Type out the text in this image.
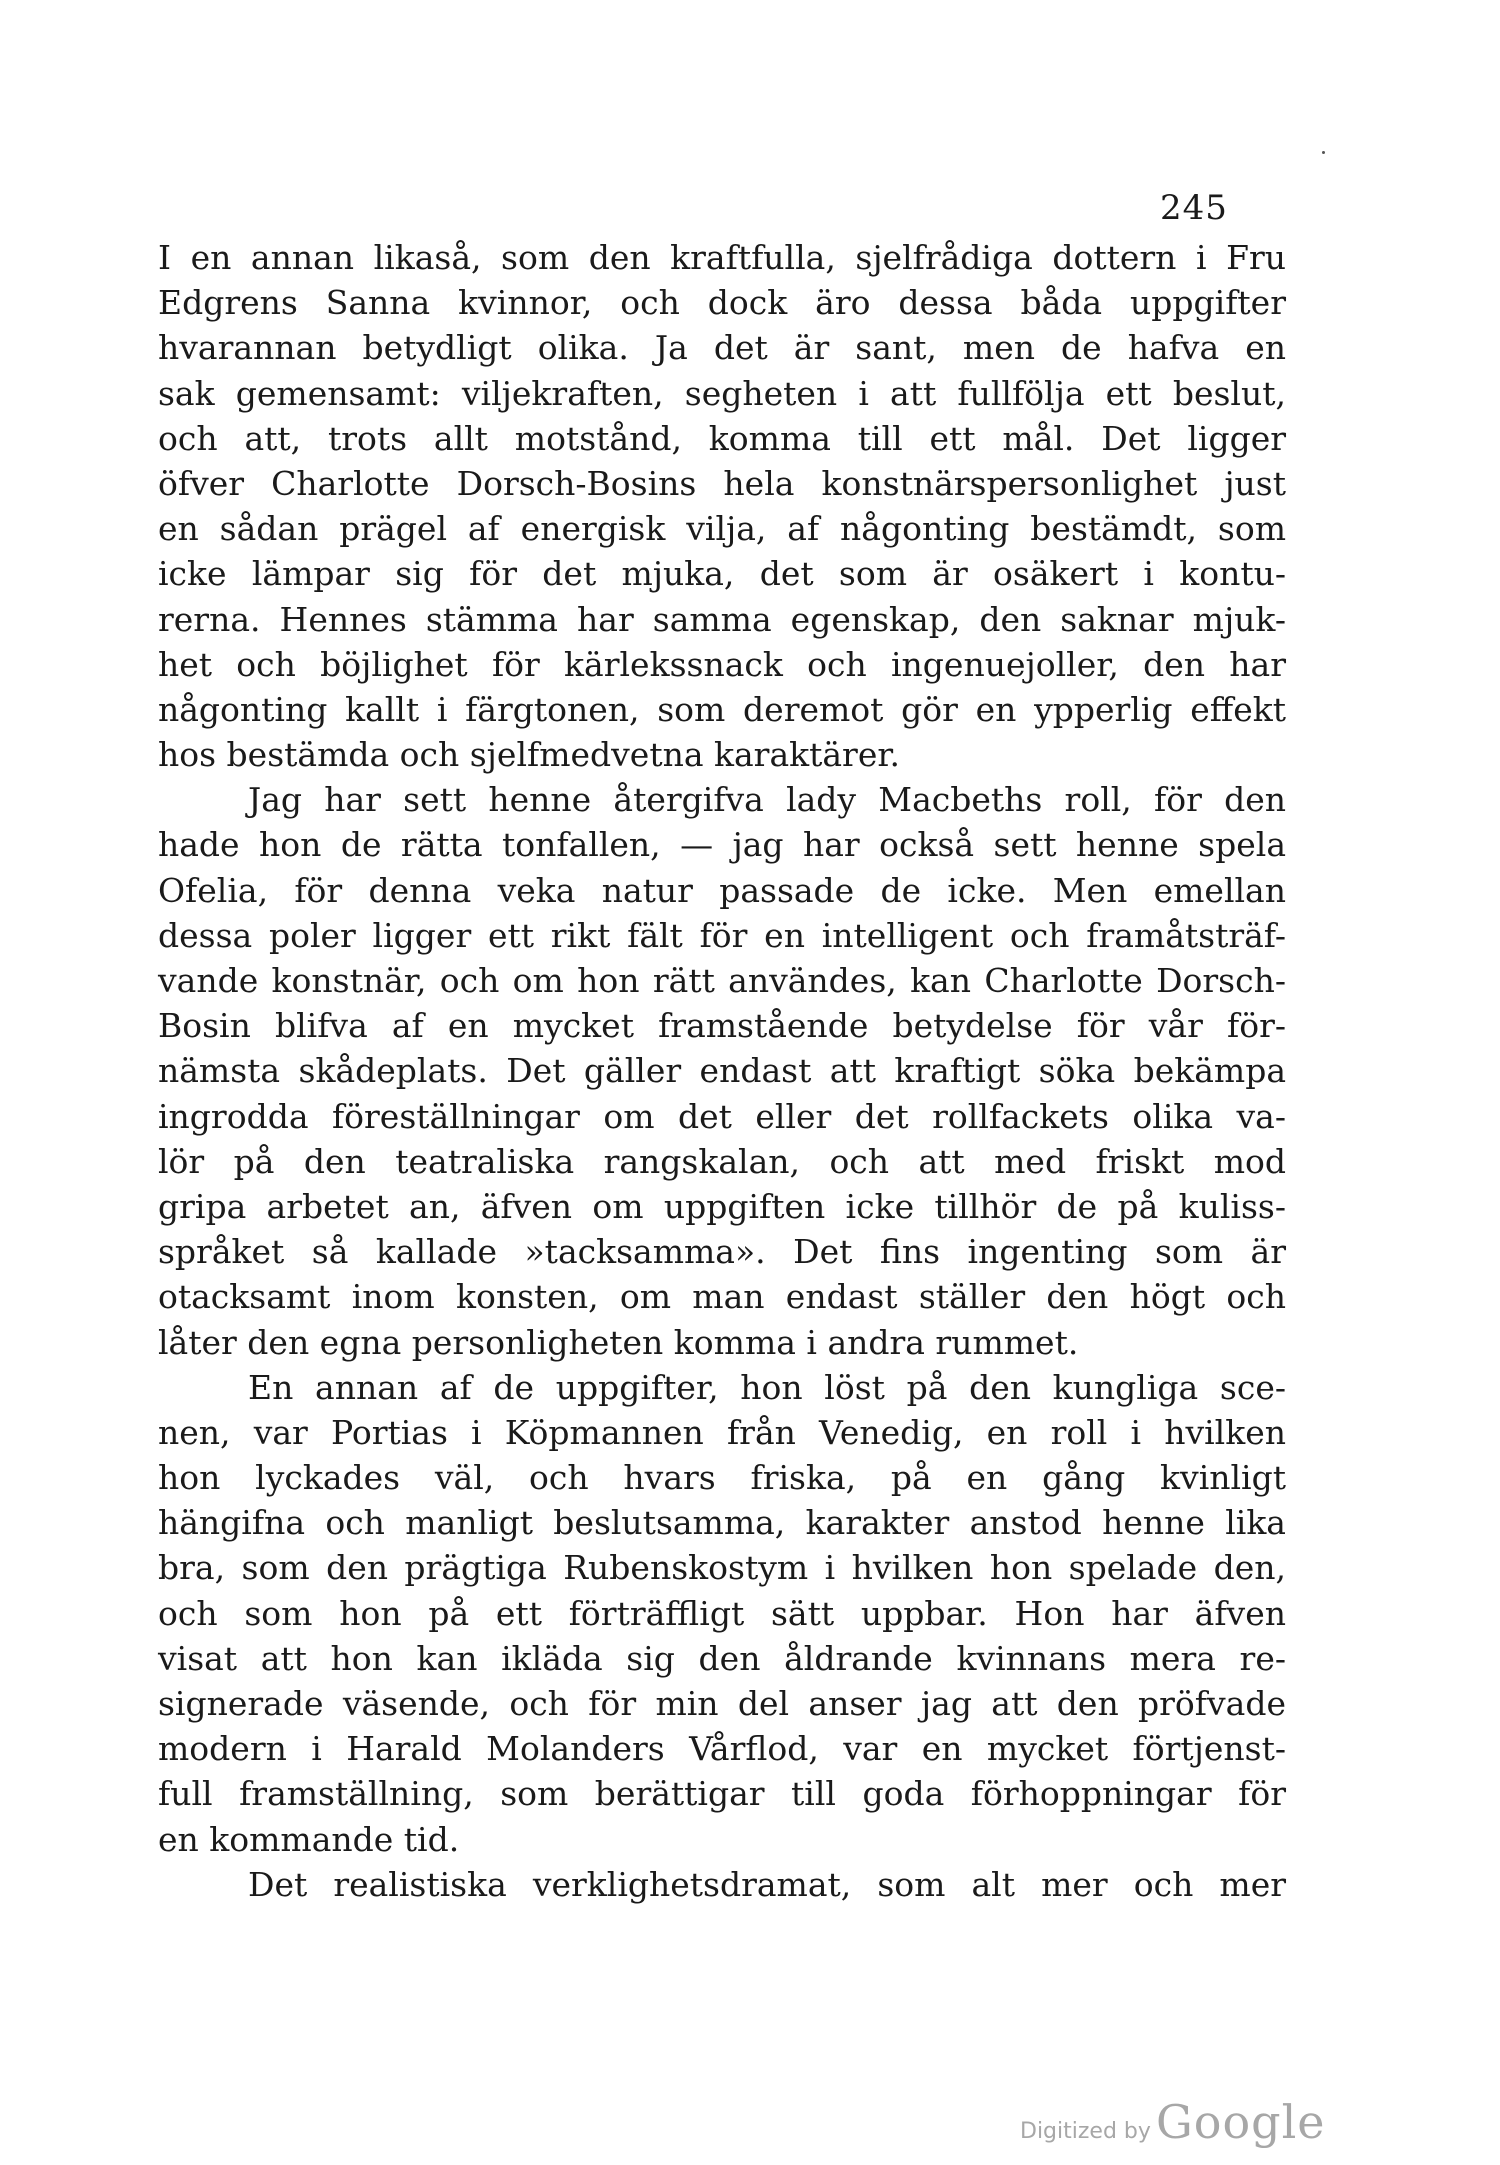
245
I en annan likaså, som den kraftfulla, sjelfrådiga dottern i Fru
Edgrens Sanna kvinnor, och dock äro dessa båda uppgifter
hvarannan betydligt olika. Ja det är sant, men de hafva en
sak gemensamt: viljekraften, segheten i att fullfölja ett beslut,
och att, trots allt motstånd, komma till ett mål. Det ligger
öfver Charlotte Dorsch-Bosins hela konstnärspersonlighet just
en sådan prägel af energisk vilja, af någonting bestämdt, som
icke lämpar sig för det mjuka, det som är osäkert i kontu-
rerna. Hennes stämma har samma egenskap, den saknar mjuk-
het och böjlighet för kärlekssnack och ingenuejoller, den har
någonting kallt i färgtonen, som deremot gör en ypperlig effekt
hos bestämda och sjelfmedvetna karaktärer.
Jag har sett henne återgifva lady Macbeths roll, för den
hade hon de rätta tonfallen, — jag har också sett henne spela
Ofelia, för denna veka natur passade de icke. Men emellan
dessa poler ligger ett rikt fält för en intelligent och framåtsträf-
vande konstnär, och om hon rätt användes, kan Charlotte Dorsch-
Bosin blifva af en mycket framstående betydelse för vår för-
nämsta skådeplats. Det gäller endast att kraftigt söka bekämpa
ingrodda föreställningar om det eller det rollfackets olika va-
lör på den teatraliska rangskalan, och att med friskt mod
gripa arbetet an, äfven om uppgiften icke tillhör de på kuliss-
språket så kallade »tacksamma». Det fins ingenting som är
otacksamt inom konsten, om man endast ställer den högt och
låter den egna personligheten komma i andra rummet.
En annan af de uppgifter, hon löst på den kungliga sce-
nen, var Portias i Köpmannen från Venedig, en roll i hvilken
hon lyckades väl, och hvars friska, på en gång kvinligt
hängifna och manligt beslutsamma, karakter anstod henne lika
bra, som den prägtiga Rubenskostym i hvilken hon spelade den,
och som hon på ett förträffligt sätt uppbar. Hon har äfven
visat att hon kan ikläda sig den åldrande kvinnans mera re-
signerade väsende, och för min del anser jag att den pröfvade
modern i Harald Molanders Vårflod, var en mycket förtjenst-
full framställning, som berättigar till goda förhoppningar för
en kommande tid.
Det realistiska verklighetsdramat, som alt mer och mer
Digitized by Google
